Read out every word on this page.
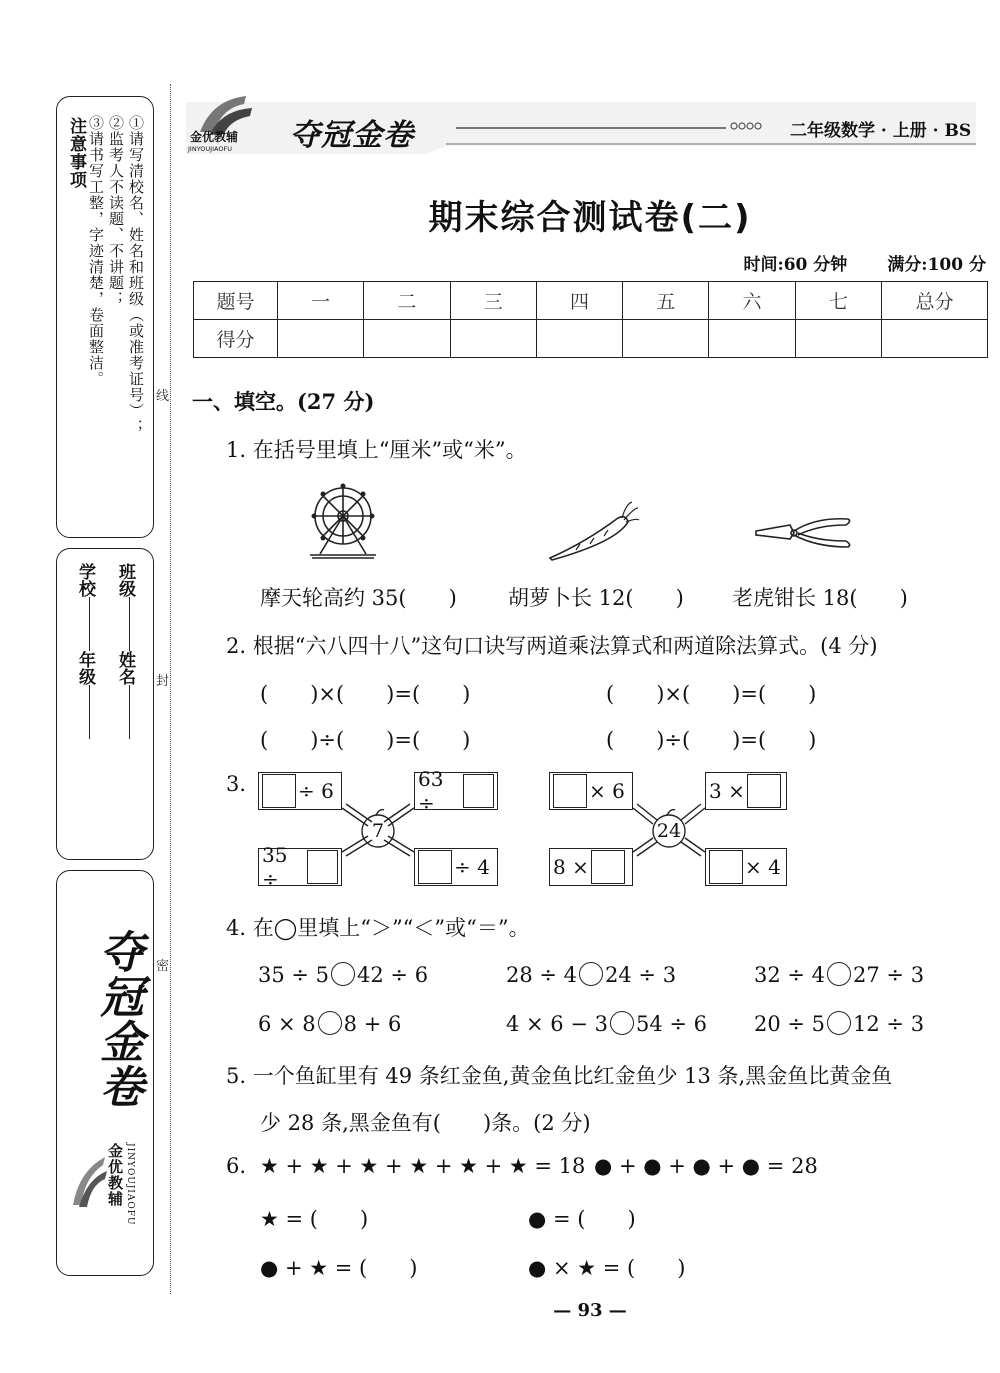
注意事项	①请写清校名、姓名和班级（或准考证号）；
②监考人不读题、不讲题；
③请书写工整，字迹清楚，卷面整洁。
学校年级
班级姓名
夺冠金卷
金优教辅 JINYOUJIAOFU
线
封
密
金优教辅
JINYOUJIAOFU 夺冠金卷	二年级数学 · 上册 · BS
期末综合测试卷(二)
时间:60 分钟 满分:100 分
题号	一	二	三	四	五	六	七	总分
得分								
一、填空。(27 分)
1. 在括号里填上“厘米”或“米”。
摩天轮高约 35(　　) 胡萝卜长 12(　　) 老虎钳长 18(　　)
2. 根据“六八四十八”这句口诀写两道乘法算式和两道除法算式。(4 分)
(　　)×(　　)=(　　)	(　　)×(　　)=(　　)
(　　)÷(　　)=(　　)	(　　)÷(　　)=(　　)
3.
7	24
÷ 6	63 ÷
35 ÷	÷ 4
× 6	3 ×
8 ×	× 4
4. 在◯里填上“＞”“＜”或“＝”。
35 ÷ 5 42 ÷ 6	28 ÷ 4 24 ÷ 3	32 ÷ 4 27 ÷ 3
6 × 8 8 + 6	4 × 6 − 3 54 ÷ 6 20 ÷ 5 12 ÷ 3
5. 一个鱼缸里有 49 条红金鱼,黄金鱼比红金鱼少 13 条,黑金鱼比黄金鱼
少 28 条,黑金鱼有(　　)条。(2 分)
6. ★ + ★ + ★ + ★ + ★ + ★ = 18 ● + ● + ● + ● = 28
★ = (　　)	● = (　　)
● + ★ = (　　)	● × ★ = (　　)
— 93 —
